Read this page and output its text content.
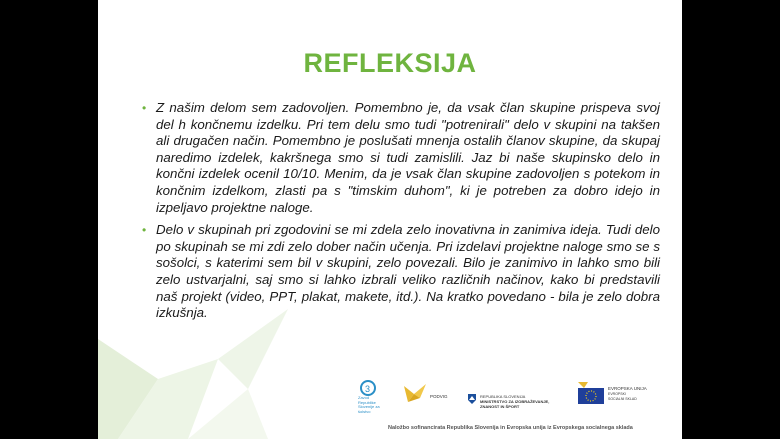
REFLEKSIJA
• Z našim delom sem zadovoljen. Pomembno je, da vsak član skupine prispeva svoj del h končnemu izdelku. Pri tem delu smo tudi "potrenirali" delo v skupini na takšen ali drugačen način. Pomembno je poslušati mnenja ostalih članov skupine, da skupaj naredimo izdelek, kakršnega smo si tudi zamislili. Jaz bi naše skupinsko delo in končni izdelek ocenil 10/10. Menim, da je vsak član skupine zadovoljen s potekom in končnim izdelkom, zlasti pa s "timskim duhom", ki je potreben za dobro idejo in izpeljavo projektne naloge.
• Delo v skupinah pri zgodovini se mi zdela zelo inovativna in zanimiva ideja. Tudi delo po skupinah se mi zdi zelo dober način učenja. Pri izdelavi projektne naloge smo se s sošolci, s katerimi sem bil v skupini, zelo povezali. Bilo je zanimivo in lahko smo bili zelo ustvarjalni, saj smo si lahko izbrali veliko različnih načinov, kako bi predstavili naš projekt (video, PPT, plakat, makete, itd.). Na kratko povedano - bila je zelo dobra izkušnja.
3
Zavod Republike Slovenije za šolstvo
PODVIG	REPUBLIKA SLOVENIJA
MINISTRSTVO ZA IZOBRAŽEVANJE,
ZNANOST IN ŠPORT
EVROPSKA UNIJA
EVROPSKI
SOCIALNI SKLAD
Naložbo sofinancirata Republika Slovenija in Evropska unija iz Evropskega socialnega sklada
